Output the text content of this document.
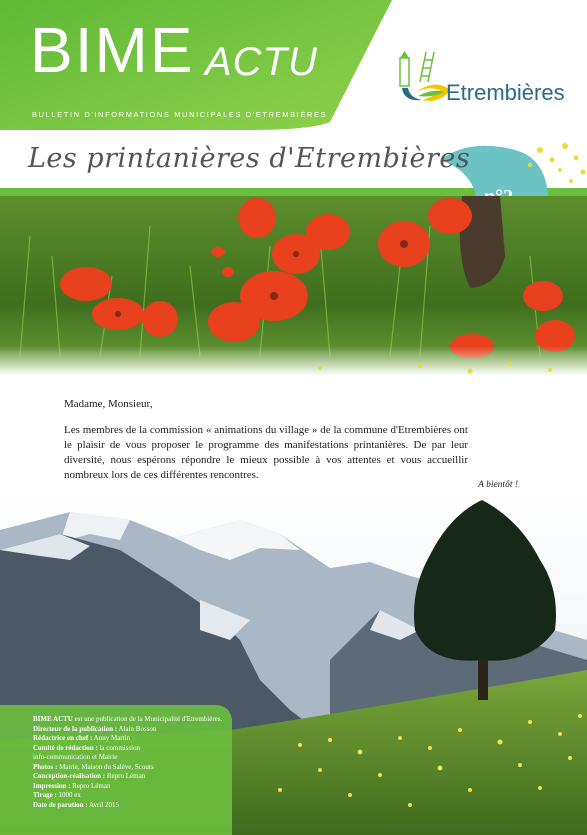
BIME ACTU
BULLETIN D'INFORMATIONS MUNICIPALES D'ETREMBIÈRES
Etrembières
Les printanières d'Etrembières
Madame, Monsieur,
Les membres de la commission « animations du village » de la commune d'Etrembières ont le plaisir de vous proposer le programme des manifestations printanières. De par leur diversité, nous espérons répondre le mieux possible à vos attentes et vous accueillir nombreux lors de ces différentes rencontres.
A bientôt !
BIME ACTU est une publication de la Municipalité d'Etrembières.
Directeur de la publication : Alain Bosson
Rédactrice en chef : Anny Martin
Comité de rédaction : la commission
info-communication et Mairie
Photos : Mairie, Maison du Salève, Scouts
Conception-réalisation : Repro Léman
Impression : Repro Léman
Tirage : 1000 ex
Date de parution : Avril 2015
